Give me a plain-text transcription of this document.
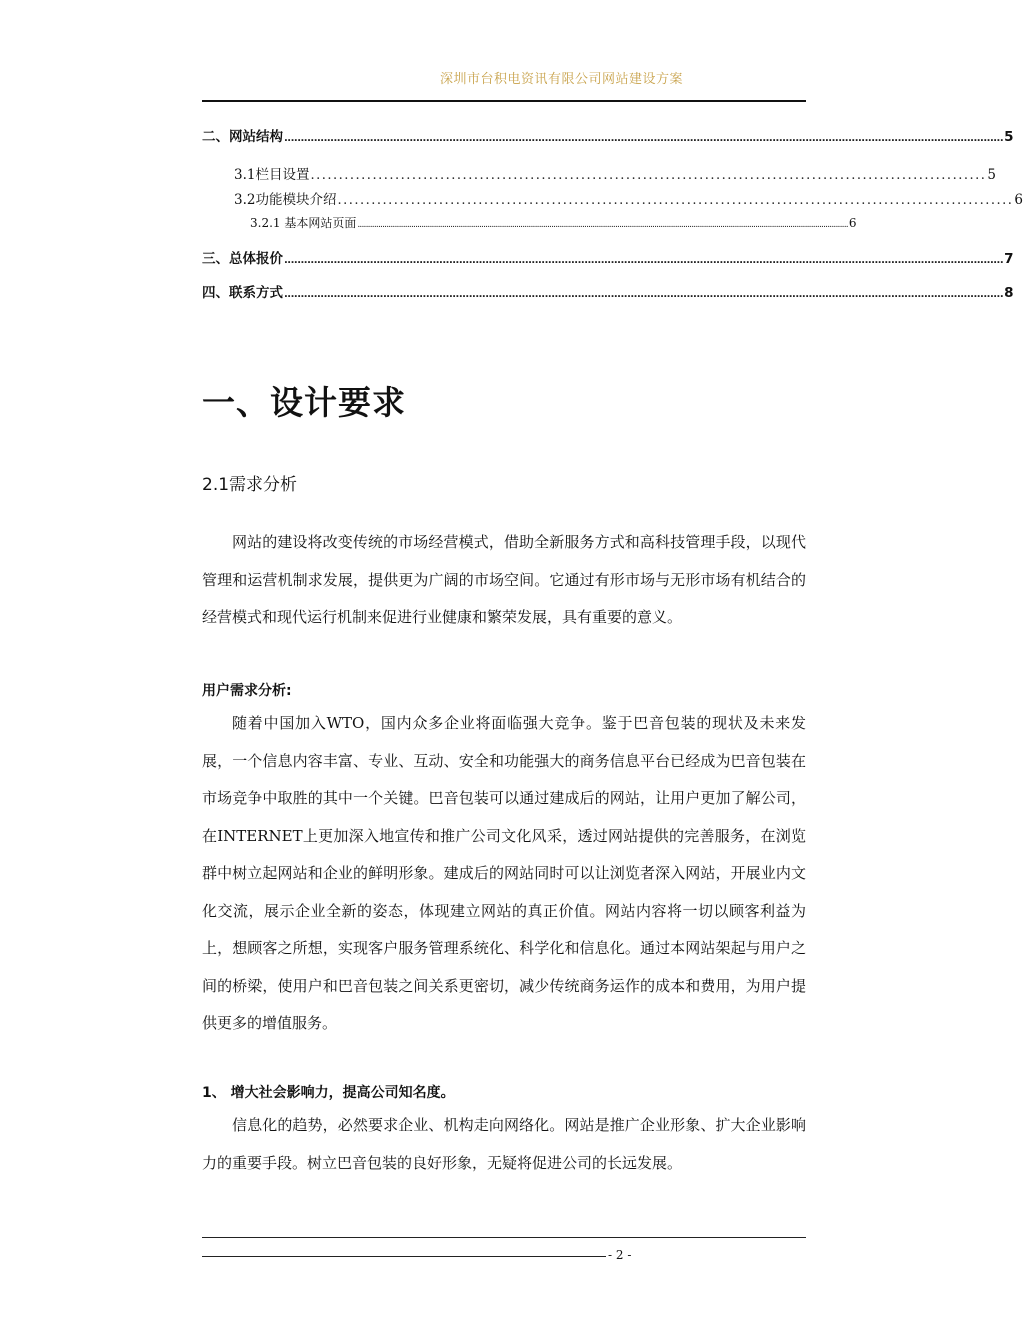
深圳市台积电资讯有限公司网站建设方案
二、网站结构 .......................................................................................................................................................................................................................... 5
3.1栏目设置 ........................................................................................................................ 5
3.2功能模块介绍 ........................................................................................................................ 6
3.2.1 基本网站页面 .............................................................................................................................................................................................................................................. 6
三、总体报价 .......................................................................................................................................................................................................................... 7
四、联系方式 .......................................................................................................................................................................................................................... 8
一、设计要求
2.1需求分析

网站的建设将改变传统的市场经营模式，借助全新服务方式和高科技管理手段，以现代管理和运营机制求发展，提供更为广阔的市场空间。它通过有形市场与无形市场有机结合的经营模式和现代运行机制来促进行业健康和繁荣发展，具有重要的意义。

用户需求分析:

随着中国加入WTO，国内众多企业将面临强大竞争。鉴于巴音包装的现状及未来发展，一个信息内容丰富、专业、互动、安全和功能强大的商务信息平台已经成为巴音包装在市场竞争中取胜的其中一个关键。巴音包装可以通过建成后的网站，让用户更加了解公司，在INTERNET上更加深入地宣传和推广公司文化风采，透过网站提供的完善服务，在浏览群中树立起网站和企业的鲜明形象。建成后的网站同时可以让浏览者深入网站，开展业内文化交流，展示企业全新的姿态，体现建立网站的真正价值。网站内容将一切以顾客利益为上，想顾客之所想，实现客户服务管理系统化、科学化和信息化。通过本网站架起与用户之间的桥梁，使用户和巴音包装之间关系更密切，减少传统商务运作的成本和费用，为用户提供更多的增值服务。

1、 增大社会影响力，提高公司知名度。

信息化的趋势，必然要求企业、机构走向网络化。网站是推广企业形象、扩大企业影响力的重要手段。树立巴音包装的良好形象，无疑将促进公司的长远发展。

- 2 -
